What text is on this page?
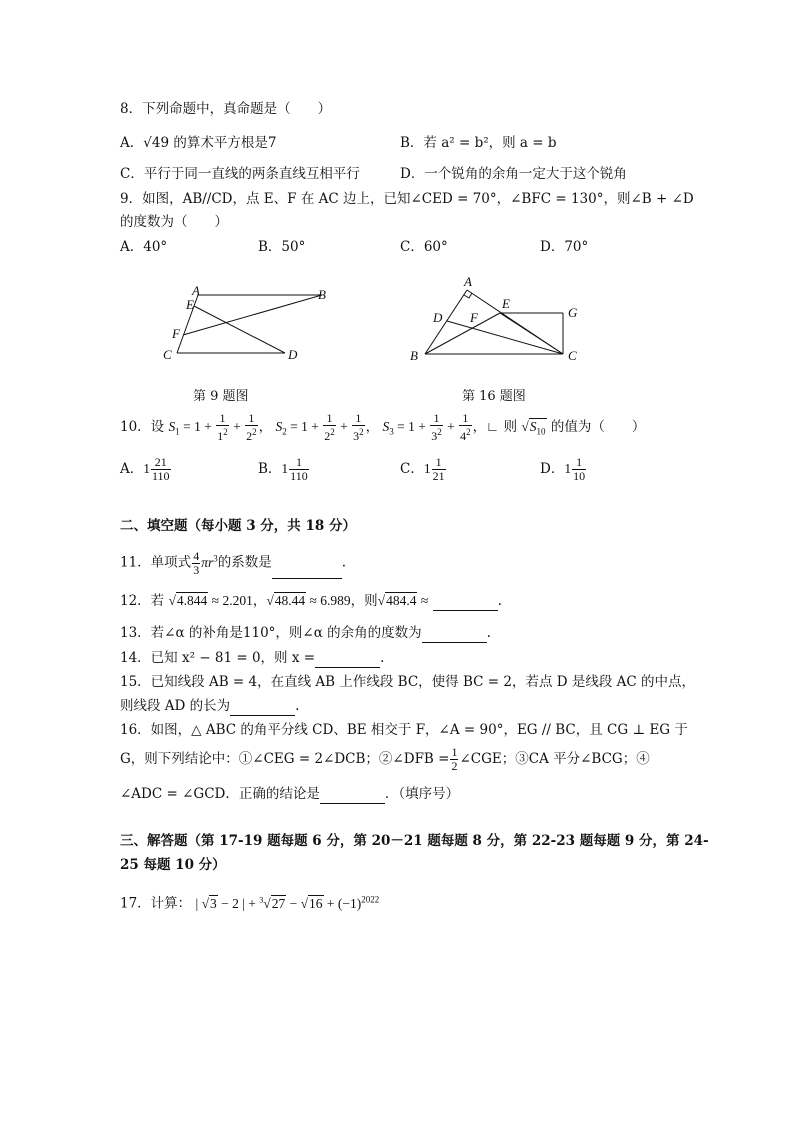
8．下列命题中，真命题是（　　）
A．√49 的算术平方根是7	B．若 a² = b²，则 a = b
C．平行于同一直线的两条直线互相平行	D．一个锐角的余角一定大于这个锐角
9．如图，AB//CD，点 E、F 在 AC 边上，已知∠CED = 70°，∠BFC = 130°，则∠B + ∠D
的度数为（　　）
A．40°	B．50°	C．60°	D．70°
A
E
B
F
C	D
第 9 题图
A
E
G
D F
B	C
第 16 题图
10．设 $S_1 = 1 + \frac{1}{1^2} + \frac{1}{2^2}$ ， $S_2 = 1 + \frac{1}{2^2} + \frac{1}{3^2}$ ， $S_3 = 1 + \frac{1}{3^2} + \frac{1}{4^2}$ ，∟ 则 $√S_{10}$ 的值为（　　）
A．$1 \frac{21}{110}$	B．$1 \frac{1}{110}$	C．$1 \frac{1}{21}$	D．$1 \frac{1}{10}$
二、填空题（每小题 3 分，共 18 分）
11．单项式 $\frac{4}{3} \pi r^3$的系数是	.
12．若 √4.844 ≈ 2.201，√48.44 ≈ 6.989，则√484.4 ≈	.
13．若∠α 的补角是110°，则∠α 的余角的度数为	.
14．已知 x² − 81 = 0，则 x =	.
15．已知线段 AB = 4，在直线 AB 上作线段 BC，使得 BC = 2，若点 D 是线段 AC 的中点，
则线段 AD 的长为	.
16．如图，△ ABC 的角平分线 CD、BE 相交于 F，∠A = 90°，EG // BC，且 CG ⊥ EG 于
G，则下列结论中：①∠CEG = 2∠DCB；②∠DFB = $\frac{1}{2}$ ∠CGE；③CA 平分∠BCG；④
∠ADC = ∠GCD．正确的结论是	．（填序号）
三、解答题（第 17-19 题每题 6 分，第 20－21 题每题 8 分，第 22-23 题每题 9 分，第 24-
25 每题 10 分）
17．计算： | √3 − 2 | + $^3√27 - √16 + (-1)^{2022}$
